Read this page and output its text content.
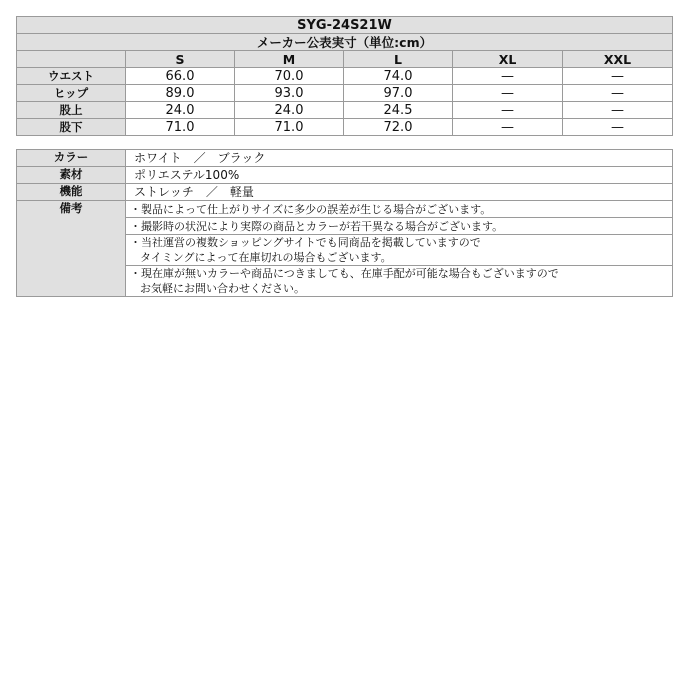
SYG-24S21W					
メーカー公表実寸（単位:cm）					
	S	M	L	XL	XXL
ウエスト	66.0	70.0	74.0	—	—
ヒップ	89.0	93.0	97.0	—	—
股上	24.0	24.0	24.5	—	—
股下	71.0	71.0	72.0	—	—
カラー	ホワイト　／　ブラック
素材	ポリエステル100%
機能	ストレッチ　／　軽量
備考	・製品によって仕上がりサイズに多少の誤差が生じる場合がございます。

	・撮影時の状況により実際の商品とカラーが若干異なる場合がございます。

	・当社運営の複数ショッピングサイトでも同商品を掲載していますので
タイミングによって在庫切れの場合もございます。

	・現在庫が無いカラーや商品につきましても、在庫手配が可能な場合もございますので
お気軽にお問い合わせください。
